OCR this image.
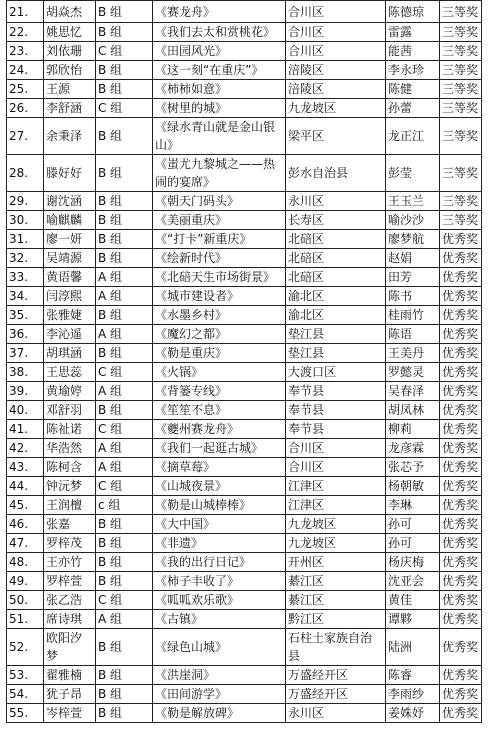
21.	胡焱杰	B 组	《赛龙舟》	合川区	陈德琼	三等奖
22.	姚思忆	B 组	《我们去太和赏桃花》	合川区	雷露	三等奖
23.	刘依珊	C 组	《田园风光》	合川区	能茜	三等奖
24.	郭欣怡	B 组	《这一刻“在重庆”》	涪陵区	李永珍	三等奖
25.	王源	B 组	《柿柿如意》	涪陵区	陈健	三等奖
26.	李舒涵	C 组	《树里的城》	九龙坡区	孙蕾	三等奖
27.	余秉泽	B 组	《绿水青山就是金山银山》	梁平区	龙正江	三等奖
28.	滕好好	B 组	《蚩尤九黎城之——热闹的宴席》	彭水自治县	彭莹	三等奖
29.	谢沈涵	B 组	《朝天门码头》	永川区	王玉兰	三等奖
30.	喻麒麟	B 组	《美丽重庆》	长寿区	喻沙沙	三等奖
31.	廖一妍	B 组	《“打卡”新重庆》	北碚区	廖梦航	优秀奖
32.	吴靖源	B 组	《绘新时代》	北碚区	赵娟	优秀奖
33.	黄语馨	A 组	《北碚天生市场街景》	北碚区	田芳	优秀奖
34.	闫淳熙	A 组	《城市建设者》	渝北区	陈书	优秀奖
35.	张雅婕	B 组	《水墨乡村》	渝北区	桂雨竹	优秀奖
36.	李沁遥	A 组	《魔幻之都》	垫江县	陈语	优秀奖
37.	胡琪涵	B 组	《勒是重庆》	垫江县	王美丹	优秀奖
38.	王思蕊	C 组	《火锅》	大渡口区	罗懿灵	优秀奖
39.	黄瑜婷	A 组	《背篓专线》	奉节县	吴春泽	优秀奖
40.	邓舒羽	B 组	《笙笙不息》	奉节县	胡凤林	优秀奖
41.	陈祉诺	C 组	《夔州赛龙舟》	奉节县	柳莉	优秀奖
42.	华浩然	A 组	《我们一起逛古城》	合川区	龙彦霖	优秀奖
43.	陈柯含	A 组	《摘草莓》	合川区	张芯予	优秀奖
44.	钟沅梦	C 组	《山城夜景》	江津区	杨朝敏	优秀奖
45.	王润檀	c 组	《勒是山城棒棒》	江津区	李琳	优秀奖
46.	张嘉	B 组	《大中国》	九龙坡区	孙可	优秀奖
47.	罗梓茂	B 组	《非遗》	九龙坡区	孙可	优秀奖
48.	王亦竹	B 组	《我的出行日记》	开州区	杨庆梅	优秀奖
49.	罗梓萱	B 组	《柿子丰收了》	綦江区	沈亚会	优秀奖
50.	张乙浩	C 组	《呱呱欢乐歌》	綦江区	黄佳	优秀奖
51.	席诗琪	A 组	《古镇》	黔江区	谭夥	优秀奖
52.	欧阳汐梦	B 组	《绿色山城》	石柱土家族自治县	陆洲	优秀奖
53.	翟雅楠	B 组	《洪崖洞》	万盛经开区	陈睿	优秀奖
54.	犹子昂	B 组	《田间游学》	万盛经开区	李雨纱	优秀奖
55.	岑梓萱	B 组	《勒是解放碑》	永川区	姜姝妤	优秀奖
